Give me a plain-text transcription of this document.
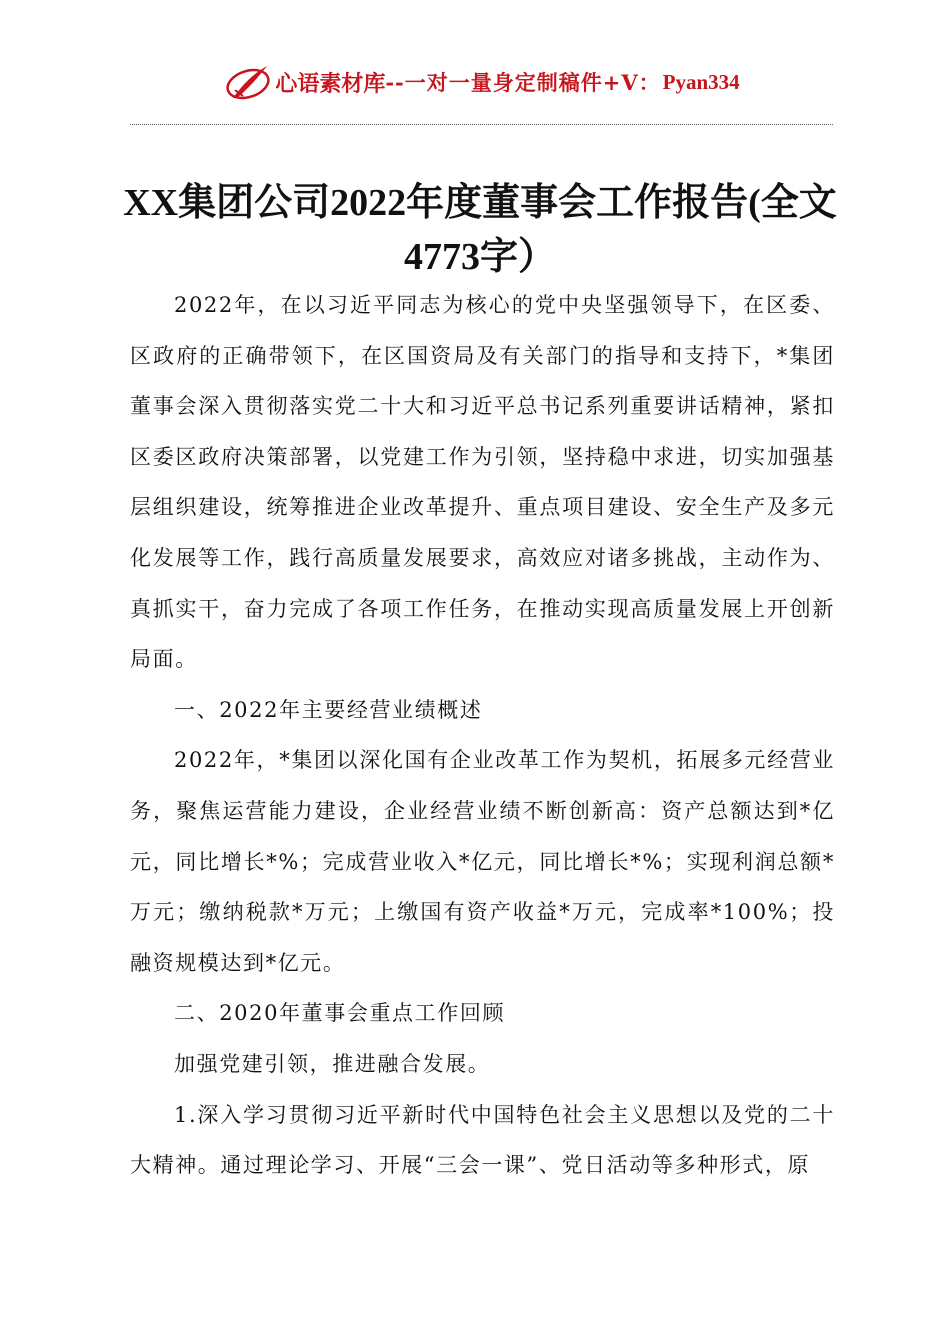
心语素材库 --一对一量身定制稿件+V： Pyan334
XX集团公司2022年度董事会工作报告(全文4773字）

2022年，在以习近平同志为核心的党中央坚强领导下，在区委、区政府的正确带领下，在区国资局及有关部门的指导和支持下，*集团董事会深入贯彻落实党二十大和习近平总书记系列重要讲话精神，紧扣区委区政府决策部署，以党建工作为引领，坚持稳中求进，切实加强基层组织建设，统筹推进企业改革提升、重点项目建设、安全生产及多元化发展等工作，践行高质量发展要求，高效应对诸多挑战，主动作为、真抓实干，奋力完成了各项工作任务，在推动实现高质量发展上开创新局面。

一、2022年主要经营业绩概述

2022年，*集团以深化国有企业改革工作为契机，拓展多元经营业务，聚焦运营能力建设，企业经营业绩不断创新高：资产总额达到*亿元，同比增长*%；完成营业收入*亿元，同比增长*%；实现利润总额*万元；缴纳税款*万元；上缴国有资产收益*万元，完成率*100%；投融资规模达到*亿元。

二、2020年董事会重点工作回顾

加强党建引领，推进融合发展。

1.深入学习贯彻习近平新时代中国特色社会主义思想以及党的二十大精神。通过理论学习、开展“三会一课”、党日活动等多种形式，原
